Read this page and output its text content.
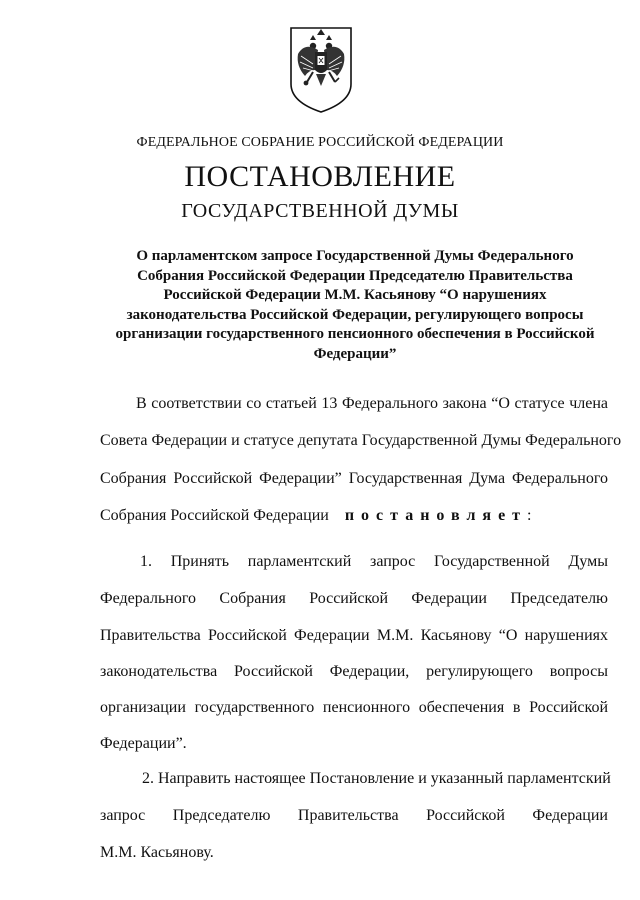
ФЕДЕРАЛЬНОЕ СОБРАНИЕ РОССИЙСКОЙ ФЕДЕРАЦИИ
ПОСТАНОВЛЕНИЕ
ГОСУДАРСТВЕННОЙ ДУМЫ
О парламентском запросе Государственной Думы Федерального
Собрания Российской Федерации Председателю Правительства
Российской Федерации М.М. Касьянову “О нарушениях
законодательства Российской Федерации, регулирующего вопросы
организации государственного пенсионного обеспечения в Российской
Федерации”
В соответствии со статьей 13 Федерального закона “О статусе члена
Совета Федерации и статусе депутата Государственной Думы Федерального
Собрания Российской Федерации” Государственная Дума Федерального
Собрания Российской Федерации постановляет:
1. Принять парламентский запрос Государственной Думы
Федерального Собрания Российской Федерации Председателю
Правительства Российской Федерации М.М. Касьянову “О нарушениях
законодательства Российской Федерации, регулирующего вопросы
организации государственного пенсионного обеспечения в Российской
Федерации”.
2. Направить настоящее Постановление и указанный парламентский
запрос Председателю Правительства Российской Федерации
М.М. Касьянову.
